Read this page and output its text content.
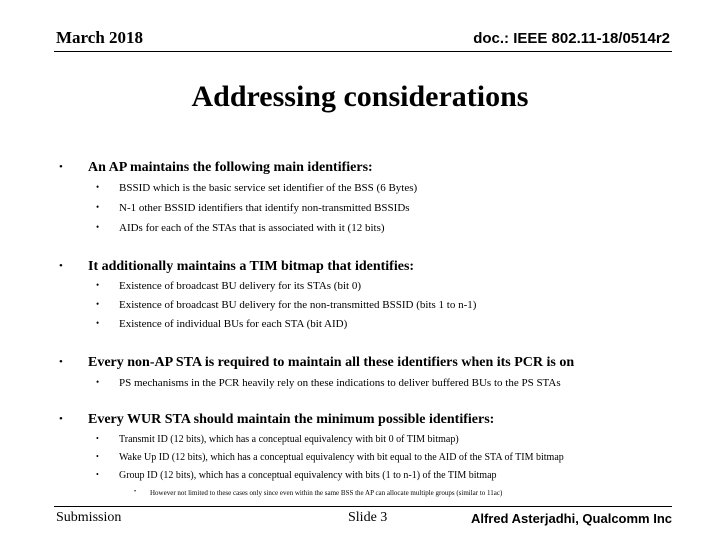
March 2018	doc.: IEEE 802.11-18/0514r2
Addressing considerations
• An AP maintains the following main identifiers:
• BSSID which is the basic service set identifier of the BSS (6 Bytes)
• N-1 other BSSID identifiers that identify non-transmitted BSSIDs
• AIDs for each of the STAs that is associated with it (12 bits)
• It additionally maintains a TIM bitmap that identifies:
• Existence of broadcast BU delivery for its STAs (bit 0)
• Existence of broadcast BU delivery for the non-transmitted BSSID (bits 1 to n-1)
• Existence of individual BUs for each STA (bit AID)
• Every non-AP STA is required to maintain all these identifiers when its PCR is on
• PS mechanisms in the PCR heavily rely on these indications to deliver buffered BUs to the PS STAs
• Every WUR STA should maintain the minimum possible identifiers:
• Transmit ID (12 bits), which has a conceptual equivalency with bit 0 of TIM bitmap)
• Wake Up ID (12 bits), which has a conceptual equivalency with bit equal to the AID of the STA of TIM bitmap
• Group ID (12 bits), which has a conceptual equivalency with bits (1 to n-1) of the TIM bitmap
• However not limited to these cases only since even within the same BSS the AP can allocate multiple groups (similar to 11ac)
Submission	Slide 3	Alfred Asterjadhi, Qualcomm Inc
